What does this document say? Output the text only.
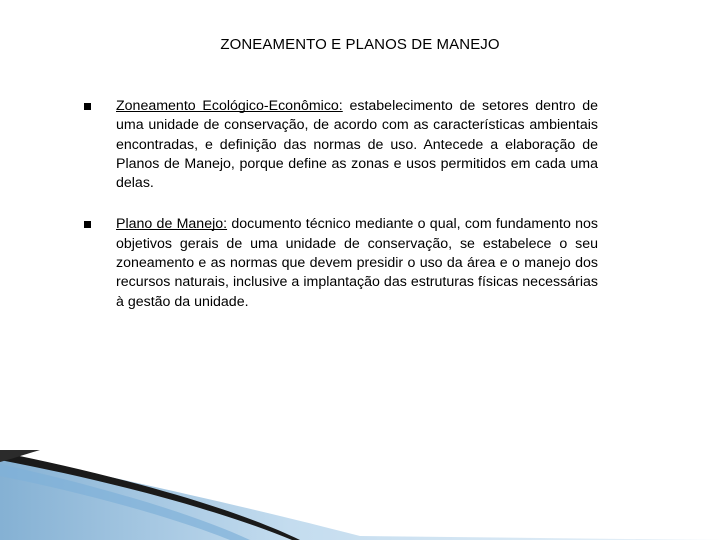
ZONEAMENTO E PLANOS DE MANEJO
Zoneamento Ecológico-Econômico: estabelecimento de setores dentro de uma unidade de conservação, de acordo com as características ambientais encontradas, e definição das normas de uso. Antecede a elaboração de Planos de Manejo, porque define as zonas e usos permitidos em cada uma delas.
Plano de Manejo: documento técnico mediante o qual, com fundamento nos objetivos gerais de uma unidade de conservação, se estabelece o seu zoneamento e as normas que devem presidir o uso da área e o manejo dos recursos naturais, inclusive a implantação das estruturas físicas necessárias à gestão da unidade.
